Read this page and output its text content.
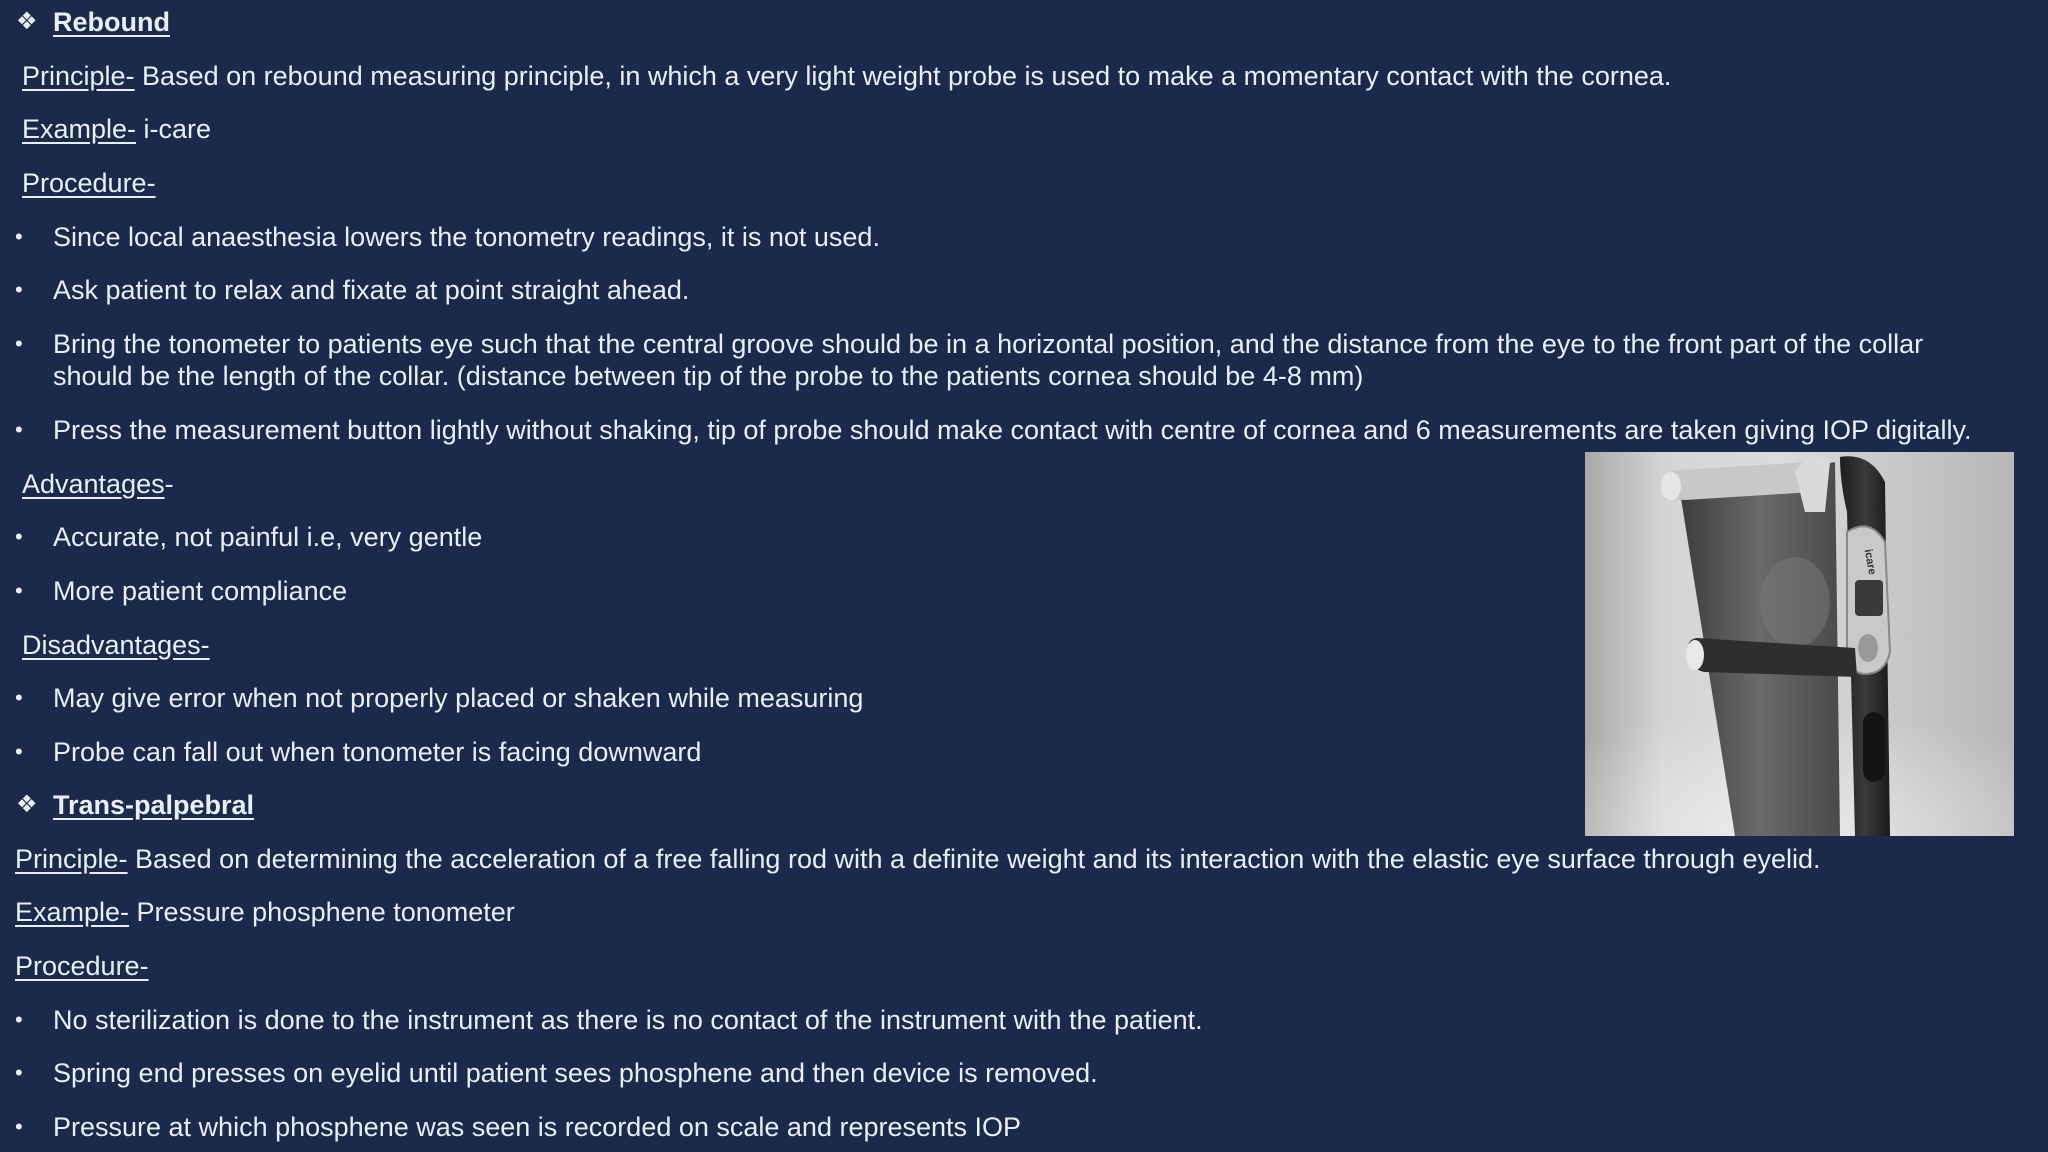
❖ Rebound
Principle- Based on rebound measuring principle, in which a very light weight probe is used to make a momentary contact with the cornea.
Example- i-care
Procedure-
• Since local anaesthesia lowers the tonometry readings, it is not used.
• Ask patient to relax and fixate at point straight ahead.
• Bring the tonometer to patients eye such that the central groove should be in a horizontal position, and the distance from the eye to the front part of the collar
should be the length of the collar. (distance between tip of the probe to the patients cornea should be 4-8 mm)
• Press the measurement button lightly without shaking, tip of probe should make contact with centre of cornea and 6 measurements are taken giving IOP digitally.
Advantages-
• Accurate, not painful i.e, very gentle
• More patient compliance
Disadvantages-
• May give error when not properly placed or shaken while measuring
• Probe can fall out when tonometer is facing downward
icare
❖ Trans-palpebral
Principle- Based on determining the acceleration of a free falling rod with a definite weight and its interaction with the elastic eye surface through eyelid.
Example- Pressure phosphene tonometer
Procedure-
• No sterilization is done to the instrument as there is no contact of the instrument with the patient.
• Spring end presses on eyelid until patient sees phosphene and then device is removed.
• Pressure at which phosphene was seen is recorded on scale and represents IOP
